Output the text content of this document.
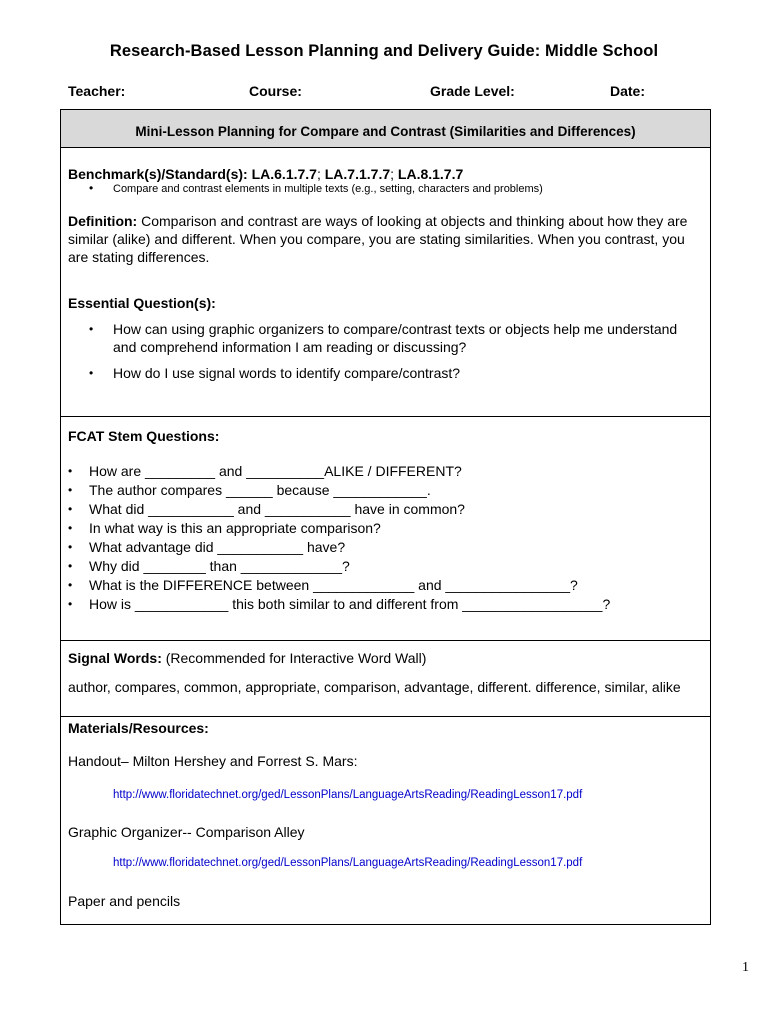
Research-Based Lesson Planning and Delivery Guide: Middle School
Teacher:	Course:	Grade Level:	Date:
Mini-Lesson Planning for Compare and Contrast (Similarities and Differences)
Benchmark(s)/Standard(s): LA.6.1.7.7; LA.7.1.7.7; LA.8.1.7.7
• Compare and contrast elements in multiple texts (e.g., setting, characters and problems)
Definition: Comparison and contrast are ways of looking at objects and thinking about how they are similar (alike) and different. When you compare, you are stating similarities. When you contrast, you are stating differences.
Essential Question(s):
• How can using graphic organizers to compare/contrast texts or objects help me understand and comprehend information I am reading or discussing?
• How do I use signal words to identify compare/contrast?
FCAT Stem Questions:
• How are _________ and __________ALIKE / DIFFERENT?
• The author compares ______ because ____________.
• What did ___________ and ___________ have in common?
• In what way is this an appropriate comparison?
• What advantage did ___________ have?
• Why did ________ than _____________?
• What is the DIFFERENCE between _____________ and ________________?
• How is ____________ this both similar to and different from __________________?
Signal Words: (Recommended for Interactive Word Wall)
author, compares, common, appropriate, comparison, advantage, different. difference, similar, alike
Materials/Resources:
Handout– Milton Hershey and Forrest S. Mars:
http://www.floridatechnet.org/ged/LessonPlans/LanguageArtsReading/ReadingLesson17.pdf
Graphic Organizer-- Comparison Alley
http://www.floridatechnet.org/ged/LessonPlans/LanguageArtsReading/ReadingLesson17.pdf
Paper and pencils
1
